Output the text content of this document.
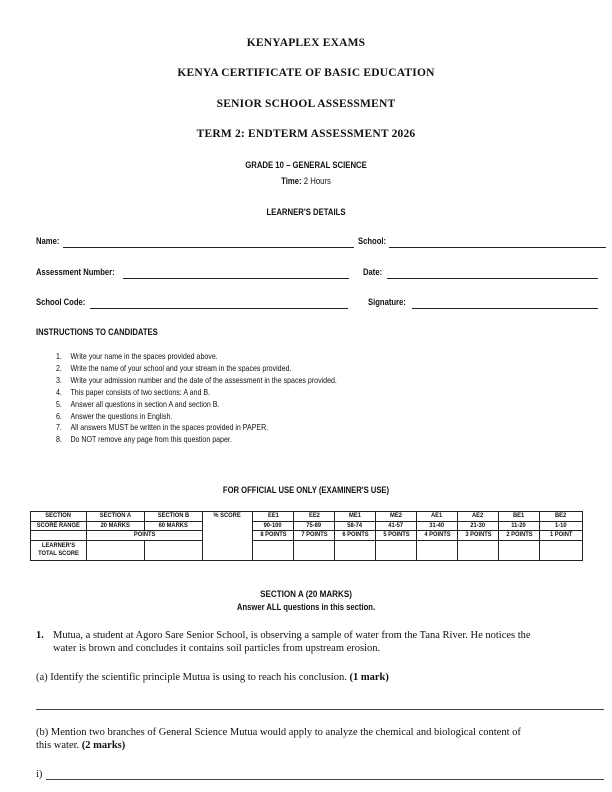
KENYAPLEX EXAMS
KENYA CERTIFICATE OF BASIC EDUCATION
SENIOR SCHOOL ASSESSMENT
TERM 2: ENDTERM ASSESSMENT 2026
GRADE 10 – GENERAL SCIENCE
Time: 2 Hours
LEARNER'S DETAILS
Name:	School:
Assessment Number:	Date:
School Code:	Signature:
INSTRUCTIONS TO CANDIDATES
1. Write your name in the spaces provided above.
2. Write the name of your school and your stream in the spaces provided.
3. Write your admission number and the date of the assessment in the spaces provided.
4. This paper consists of two sections: A and B.
5. Answer all questions in section A and section B.
6. Answer the questions in English.
7. All answers MUST be written in the spaces provided in PAPER.
8. Do NOT remove any page from this question paper.
FOR OFFICIAL USE ONLY (EXAMINER'S USE)
SECTION	SECTION A	SECTION B	% SCORE	EE1	EE2	ME1	ME2	AE1	AE2	BE1	BE2
SCORE RANGE	20 MARKS	60 MARKS		90-100	75-89	58-74	41-57	31-40	21-30	11-20	1-10
	POINTS			8 POINTS	7 POINTS	6 POINTS	5 POINTS	4 POINTS	3 POINTS	2 POINTS	1 POINT
LEARNER'S TOTAL SCORE											
SECTION A (20 MARKS)
Answer ALL questions in this section.
1. Mutua, a student at Agoro Sare Senior School, is observing a sample of water from the Tana River. He notices the
water is brown and concludes it contains soil particles from upstream erosion.
(a) Identify the scientific principle Mutua is using to reach his conclusion. (1 mark)
(b) Mention two branches of General Science Mutua would apply to analyze the chemical and biological content of
this water. (2 marks)
i)
